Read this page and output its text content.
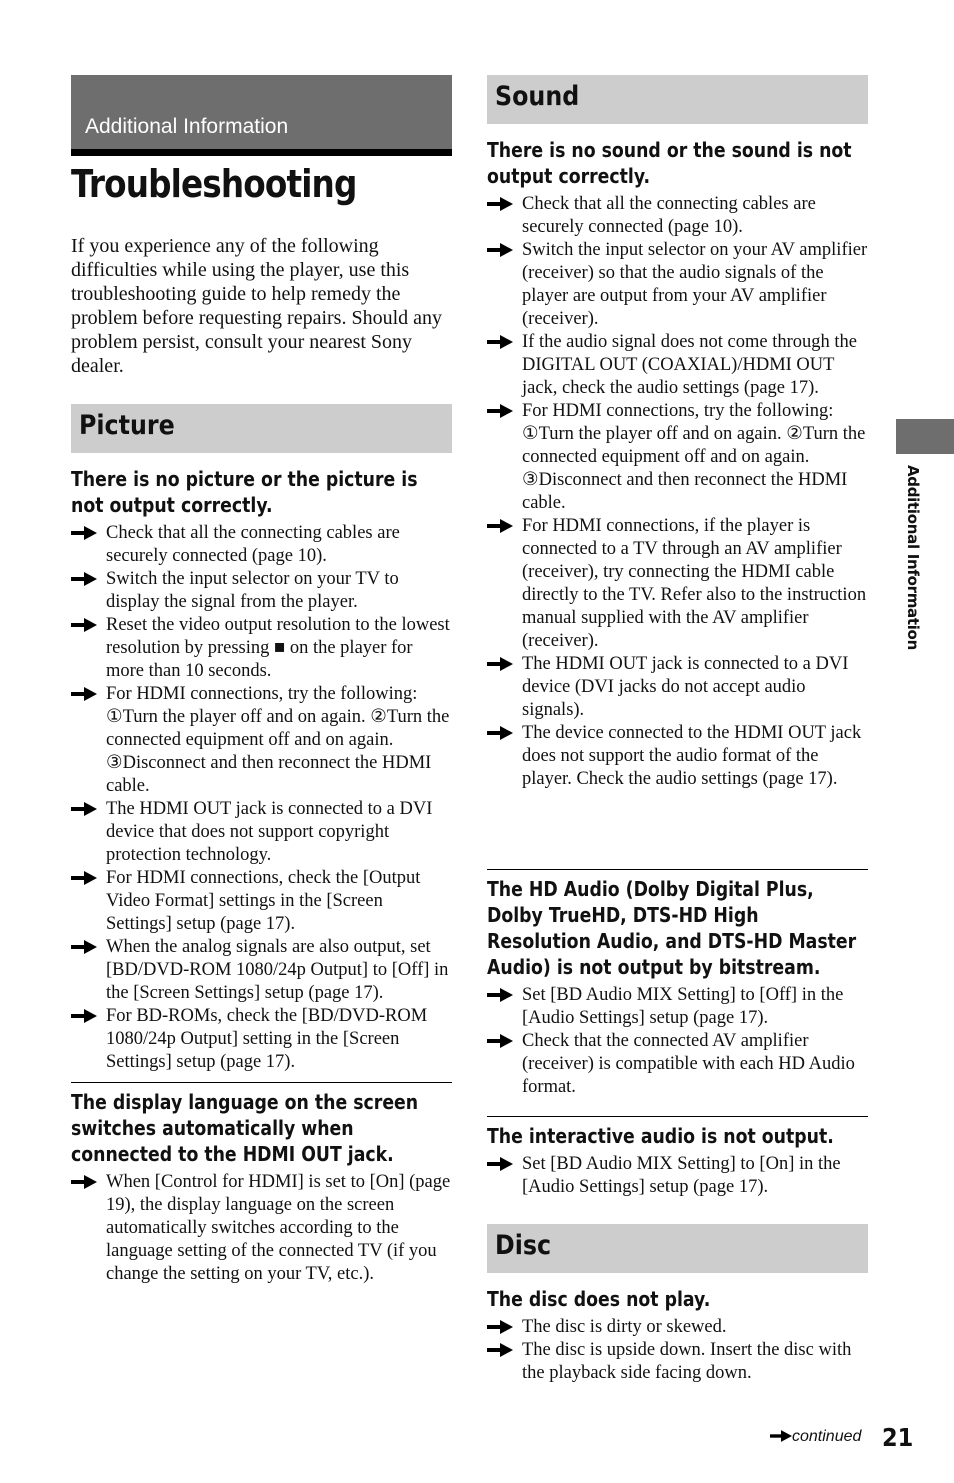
Additional Information
Troubleshooting

If you experience any of the following difficulties while using the player, use this troubleshooting guide to help remedy the problem before requesting repairs. Should any problem persist, consult your nearest Sony dealer.

Picture

There is no picture or the picture is not output correctly.

Check that all the connecting cables are securely connected (page 10).
Switch the input selector on your TV to display the signal from the player.
Reset the video output resolution to the lowest resolution by pressing ■ on the player for more than 10 seconds.
For HDMI connections, try the following: ①Turn the player off and on again. ②Turn the connected equipment off and on again. ③Disconnect and then reconnect the HDMI cable.
The HDMI OUT jack is connected to a DVI device that does not support copyright protection technology.
For HDMI connections, check the [Output Video Format] settings in the [Screen Settings] setup (page 17).
When the analog signals are also output, set [BD/DVD-ROM 1080/24p Output] to [Off] in the [Screen Settings] setup (page 17).
For BD-ROMs, check the [BD/DVD-ROM 1080/24p Output] setting in the [Screen Settings] setup (page 17).

The display language on the screen switches automatically when connected to the HDMI OUT jack.

When [Control for HDMI] is set to [On] (page 19), the display language on the screen automatically switches according to the language setting of the connected TV (if you change the setting on your TV, etc.).
Sound

There is no sound or the sound is not output correctly.

Check that all the connecting cables are securely connected (page 10).
Switch the input selector on your AV amplifier (receiver) so that the audio signals of the player are output from your AV amplifier (receiver).
If the audio signal does not come through the DIGITAL OUT (COAXIAL)/HDMI OUT jack, check the audio settings (page 17).
For HDMI connections, try the following: ①Turn the player off and on again. ②Turn the connected equipment off and on again. ③Disconnect and then reconnect the HDMI cable.
For HDMI connections, if the player is connected to a TV through an AV amplifier (receiver), try connecting the HDMI cable directly to the TV. Refer also to the instruction manual supplied with the AV amplifier (receiver).
The HDMI OUT jack is connected to a DVI device (DVI jacks do not accept audio signals).
The device connected to the HDMI OUT jack does not support the audio format of the player. Check the audio settings (page 17).

The HD Audio (Dolby Digital Plus, Dolby TrueHD, DTS-HD High Resolution Audio, and DTS-HD Master Audio) is not output by bitstream.

Set [BD Audio MIX Setting] to [Off] in the [Audio Settings] setup (page 17).
Check that the connected AV amplifier (receiver) is compatible with each HD Audio format.

The interactive audio is not output.

Set [BD Audio MIX Setting] to [On] in the [Audio Settings] setup (page 17).
Disc

The disc does not play.

The disc is dirty or skewed.
The disc is upside down. Insert the disc with the playback side facing down.
Additional Information
continued 21
